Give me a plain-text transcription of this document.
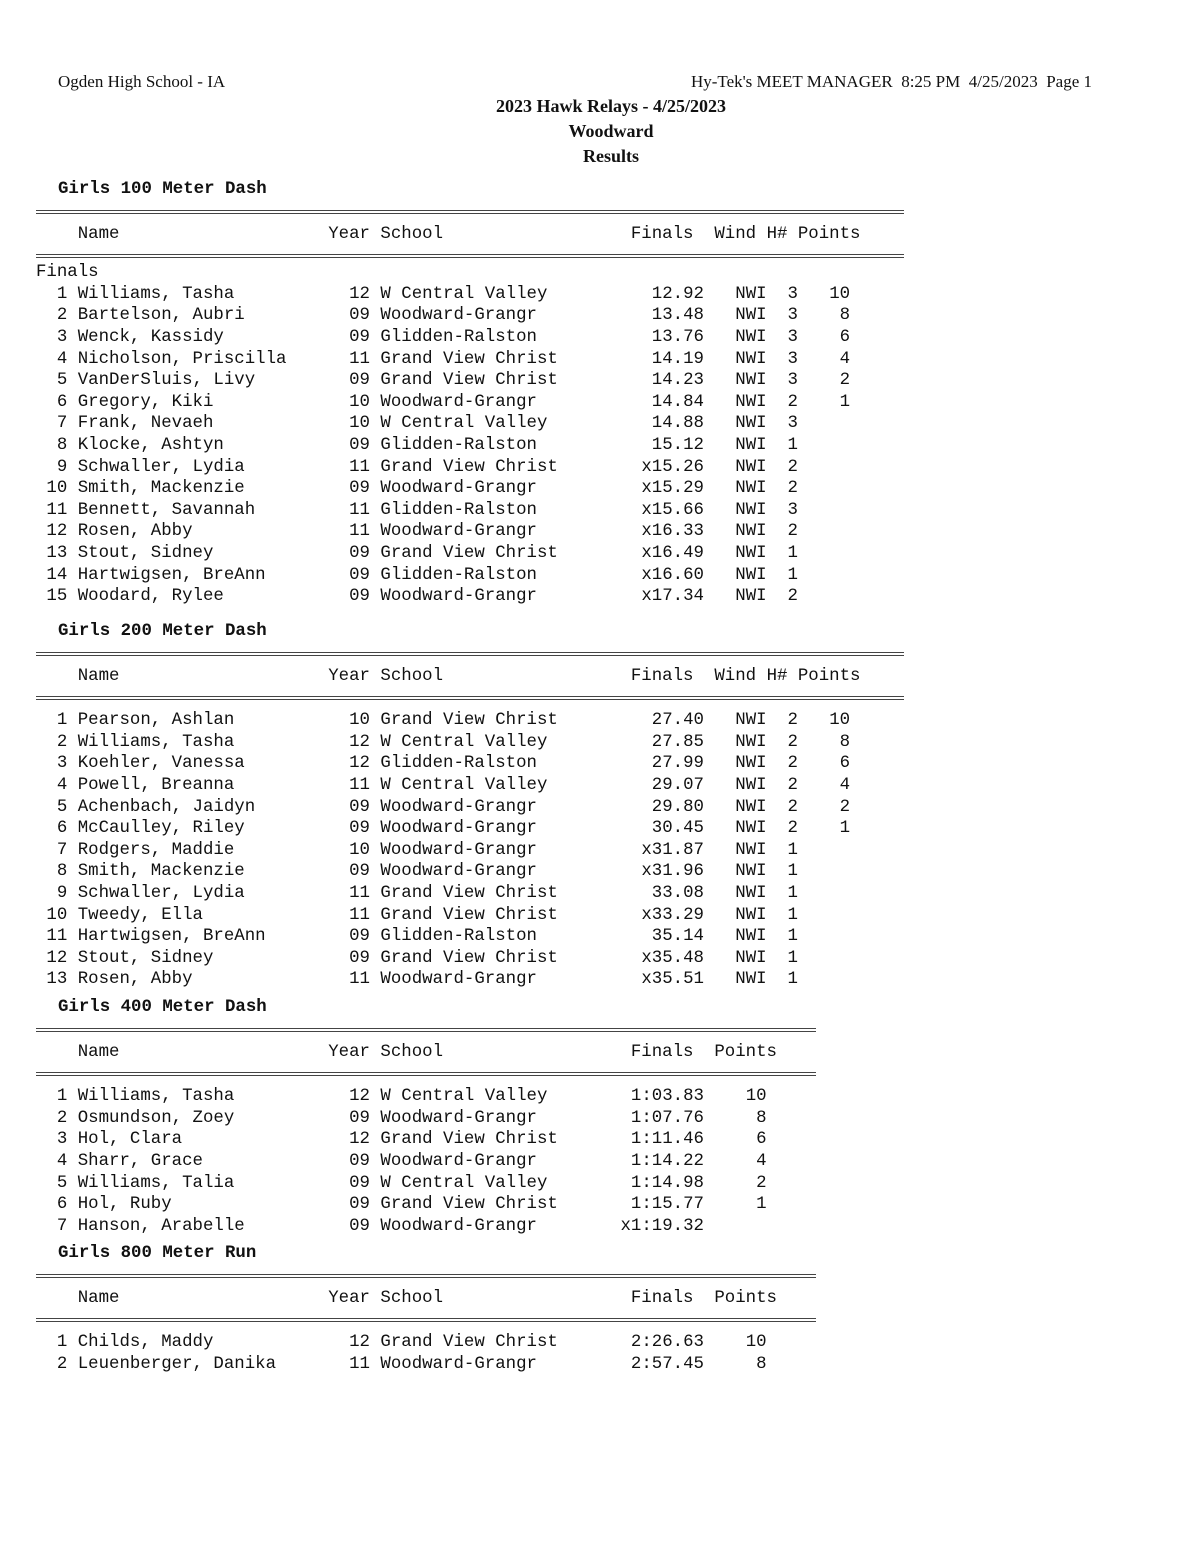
Ogden High School - IA	Hy-Tek's MEET MANAGER  8:25 PM  4/25/2023  Page 1
2023 Hawk Relays - 4/25/2023
Woodward
Results
Girls 100 Meter Dash
Name                    Year School                  Finals Wind H# Points
Finals
1 Williams, Tasha           12 W Central Valley          12.92 NWI 3   10
2 Bartelson, Aubri          09 Woodward-Grangr           13.48 NWI 3    8
3 Wenck, Kassidy            09 Glidden-Ralston           13.76 NWI 3    6
4 Nicholson, Priscilla      11 Grand View Christ         14.19 NWI 3    4
5 VanDerSluis, Livy         09 Grand View Christ         14.23 NWI 3    2
6 Gregory, Kiki             10 Woodward-Grangr           14.84 NWI 2    1
7 Frank, Nevaeh             10 W Central Valley          14.88 NWI 3
8 Klocke, Ashtyn            09 Glidden-Ralston           15.12 NWI 1
9 Schwaller, Lydia          11 Grand View Christ        x15.26 NWI 2
10 Smith, Mackenzie          09 Woodward-Grangr          x15.29 NWI 2
11 Bennett, Savannah         11 Glidden-Ralston          x15.66 NWI 3
12 Rosen, Abby               11 Woodward-Grangr          x16.33 NWI 2
13 Stout, Sidney             09 Grand View Christ        x16.49 NWI 1
14 Hartwigsen, BreAnn        09 Glidden-Ralston          x16.60 NWI 1
15 Woodard, Rylee            09 Woodward-Grangr          x17.34 NWI 2
Girls 200 Meter Dash
Name                    Year School                  Finals Wind H# Points
1 Pearson, Ashlan           10 Grand View Christ         27.40 NWI 2   10
2 Williams, Tasha           12 W Central Valley          27.85 NWI 2    8
3 Koehler, Vanessa          12 Glidden-Ralston           27.99 NWI 2    6
4 Powell, Breanna           11 W Central Valley          29.07 NWI 2    4
5 Achenbach, Jaidyn         09 Woodward-Grangr           29.80 NWI 2    2
6 McCaulley, Riley          09 Woodward-Grangr           30.45 NWI 2    1
7 Rodgers, Maddie           10 Woodward-Grangr          x31.87 NWI 1
8 Smith, Mackenzie          09 Woodward-Grangr          x31.96 NWI 1
9 Schwaller, Lydia          11 Grand View Christ         33.08 NWI 1
10 Tweedy, Ella              11 Grand View Christ        x33.29 NWI 1
11 Hartwigsen, BreAnn        09 Glidden-Ralston           35.14 NWI 1
12 Stout, Sidney             09 Grand View Christ        x35.48 NWI 1
13 Rosen, Abby               11 Woodward-Grangr          x35.51 NWI 1
Girls 400 Meter Dash
Name                    Year School                  Finals Points
1 Williams, Tasha           12 W Central Valley        1:03.83    10
2 Osmundson, Zoey           09 Woodward-Grangr         1:07.76     8
3 Hol, Clara                12 Grand View Christ       1:11.46     6
4 Sharr, Grace              09 Woodward-Grangr         1:14.22     4
5 Williams, Talia           09 W Central Valley        1:14.98     2
6 Hol, Ruby                 09 Grand View Christ       1:15.77     1
7 Hanson, Arabelle          09 Woodward-Grangr        x1:19.32
Girls 800 Meter Run
Name                    Year School                  Finals Points
1 Childs, Maddy             12 Grand View Christ       2:26.63    10
2 Leuenberger, Danika       11 Woodward-Grangr         2:57.45     8
